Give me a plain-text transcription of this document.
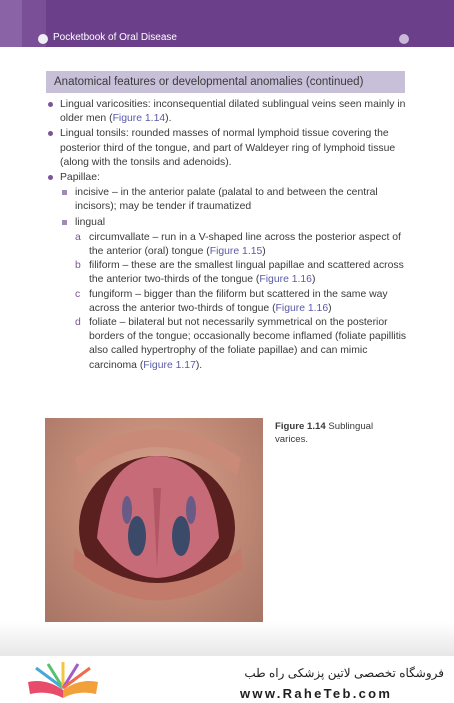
Pocketbook of Oral Disease
Anatomical features or developmental anomalies (continued)
Lingual varicosities: inconsequential dilated sublingual veins seen mainly in older men (Figure 1.14).
Lingual tonsils: rounded masses of normal lymphoid tissue covering the posterior third of the tongue, and part of Waldeyer ring of lymphoid tissue (along with the tonsils and adenoids).
Papillae:
incisive – in the anterior palate (palatal to and between the central incisors); may be tender if traumatized
lingual
a circumvallate – run in a V-shaped line across the posterior aspect of the anterior (oral) tongue (Figure 1.15)
b filiform – these are the smallest lingual papillae and scattered across the anterior two-thirds of the tongue (Figure 1.16)
c fungiform – bigger than the filiform but scattered in the same way across the anterior two-thirds of tongue (Figure 1.16)
d foliate – bilateral but not necessarily symmetrical on the posterior borders of the tongue; occasionally become inflamed (foliate papillitis also called hypertrophy of the foliate papillae) and can mimic carcinoma (Figure 1.17).
Figure 1.14 Sublingual varices.
فروشگاه تخصصی لاتین پزشکی راه طب
www.RaheTeb.com
